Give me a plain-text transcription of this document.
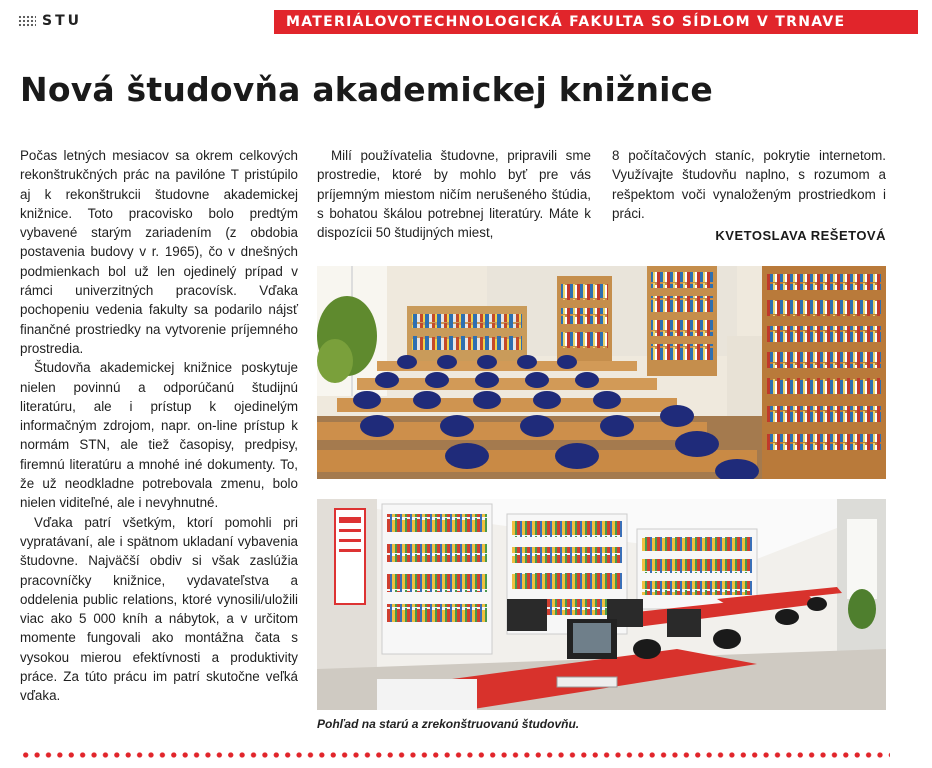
STU	MATERIÁLOVOTECHNOLOGICKÁ FAKULTA SO SÍDLOM V TRNAVE
Nová študovňa akademickej knižnice

Počas letných mesiacov sa okrem celkových rekonštrukčných prác na pavilóne T pristúpilo aj k rekonštrukcii študovne akademickej knižnice. Toto pracovisko bolo predtým vybavené starým zariadením (z obdobia postavenia budovy v r. 1965), čo v dnešných podmienkach bol už len ojedinelý prípad v rámci univerzitných pracovísk. Vďaka pochopeniu vedenia fakulty sa podarilo nájsť finančné prostriedky na vytvorenie príjemného prostredia.

Študovňa akademickej knižnice poskytuje nielen povinnú a odporúčanú študijnú literatúru, ale i prístup k ojedinelým informačným zdrojom, napr. on-line prístup k normám STN, ale tiež časopisy, predpisy, firemnú literatúru a mnohé iné dokumenty. To, že už neodkladne potrebovala zmenu, bolo nielen viditeľné, ale i nevyhnutné.

Vďaka patrí všetkým, ktorí pomohli pri vypratávaní, ale i spätnom ukladaní vybavenia študovne. Najväčší obdiv si však zaslúžia pracovníčky knižnice, vydavateľstva a oddelenia public relations, ktoré vynosili/uložili viac ako 5 000 kníh a nábytok, a v určitom momente fungovali ako montážna čata s vysokou mierou efektívnosti a produktivity práce. Za túto prácu im patrí skutočne veľká vďaka.

Milí používatelia študovne, pripravili sme prostredie, ktoré by mohlo byť pre vás príjemným miestom ničím nerušeného štúdia, s bohatou škálou potrebnej literatúry. Máte k dispozícii 50 študijných miest,

8 počítačových staníc, pokrytie internetom. Využívajte študovňu naplno, s rozumom a rešpektom voči vynaloženým prostriedkom i práci.

KVETOSLAVA REŠETOVÁ
Pohľad na starú a zrekonštruovanú študovňu.
